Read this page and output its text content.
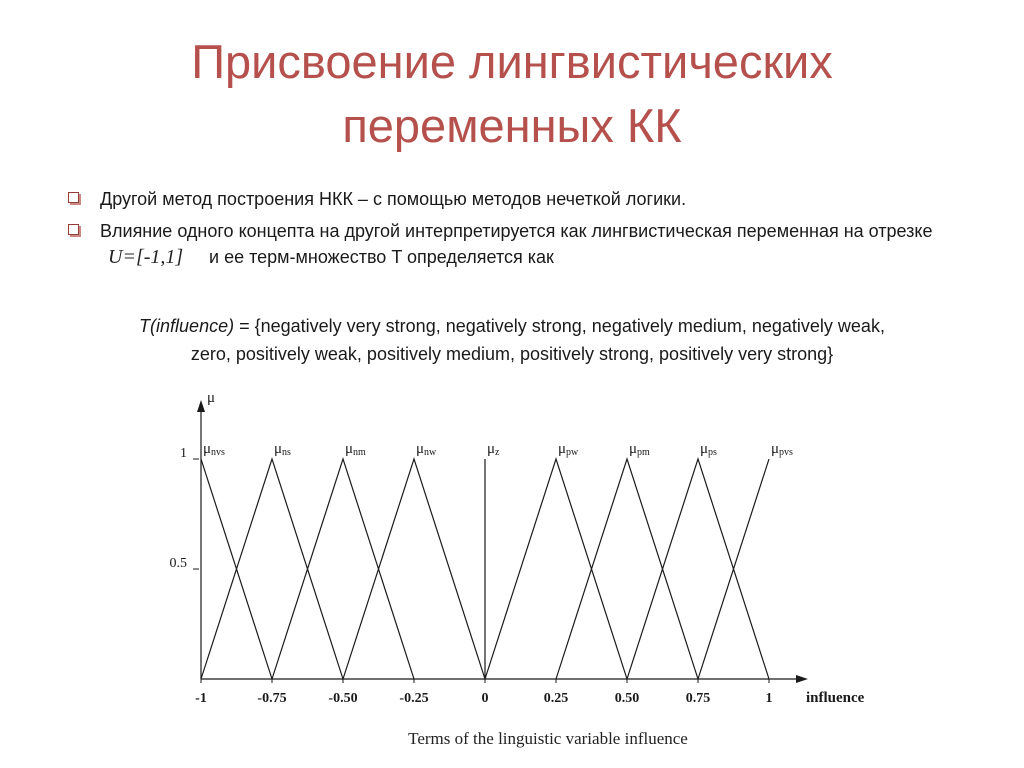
Присвоение лингвистических
переменных КК
Другой метод построения НКК – с помощью методов нечеткой логики.
Влияние одного концепта на другой интерпретируется как лингвистическая переменная на отрезке U=[-1,1] и ее терм-множество T определяется как
T(influence) = {negatively very strong, negatively strong, negatively medium, negatively weak,
zero, positively weak, positively medium, positively strong, positively very strong}
μ
influence
-1	-0.75	-0.50	-0.25	0	0.25	0.50	0.75	1
0.5
1 μnvs	μns	μnm	μnw	μz	μpw	μpm	μps	μpvs
Terms of the linguistic variable influence
